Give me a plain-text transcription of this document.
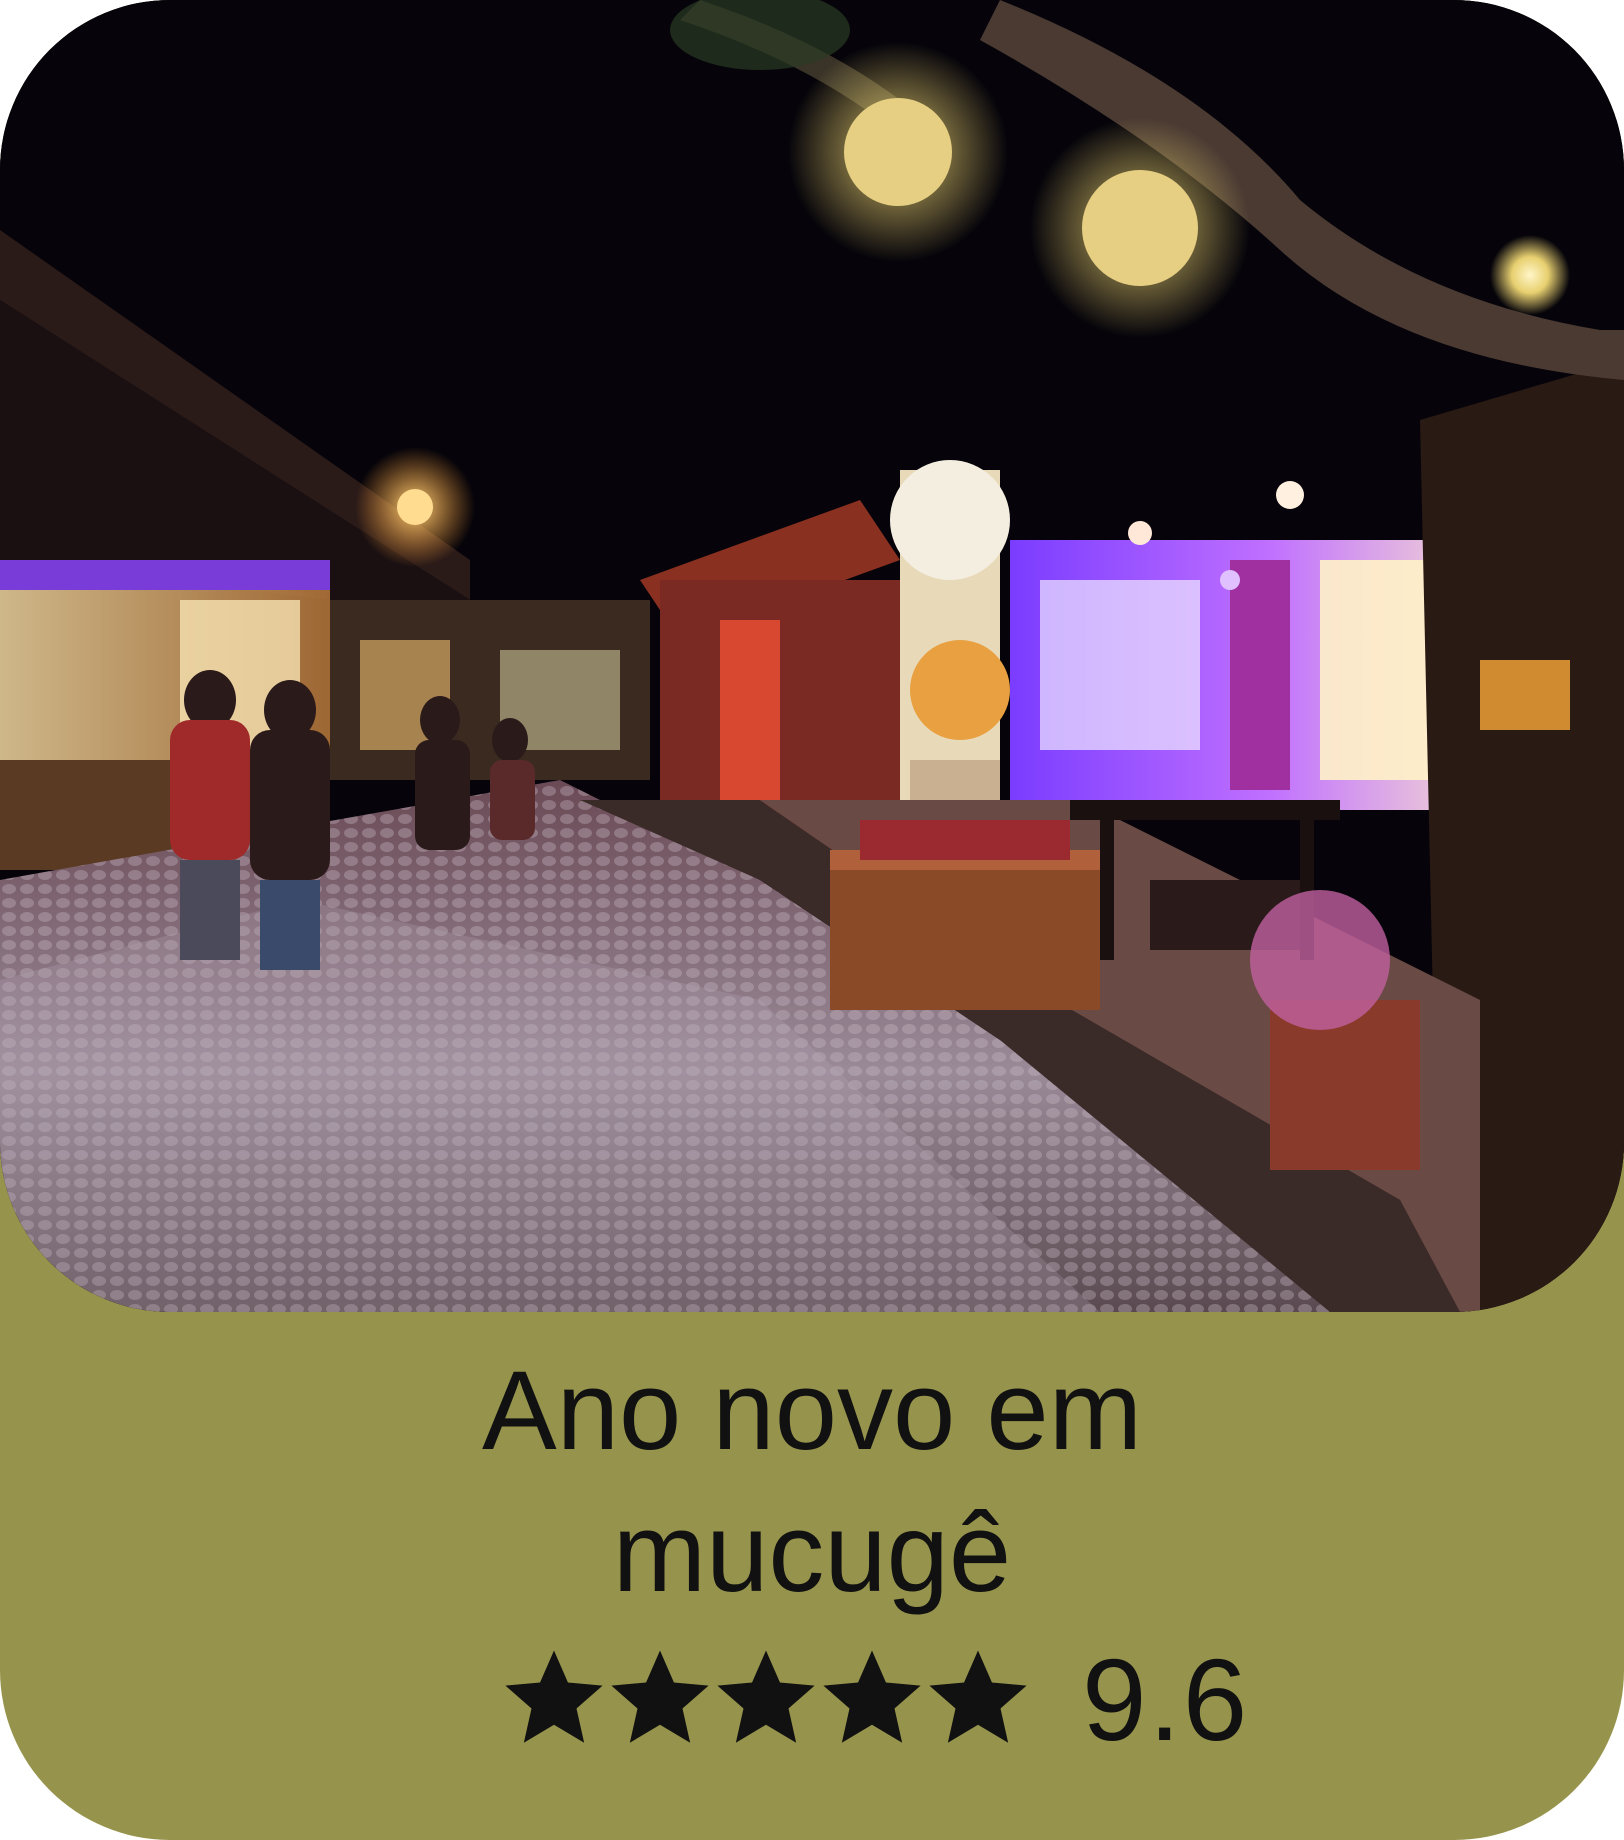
Ano novo em
mucugê
9.6
